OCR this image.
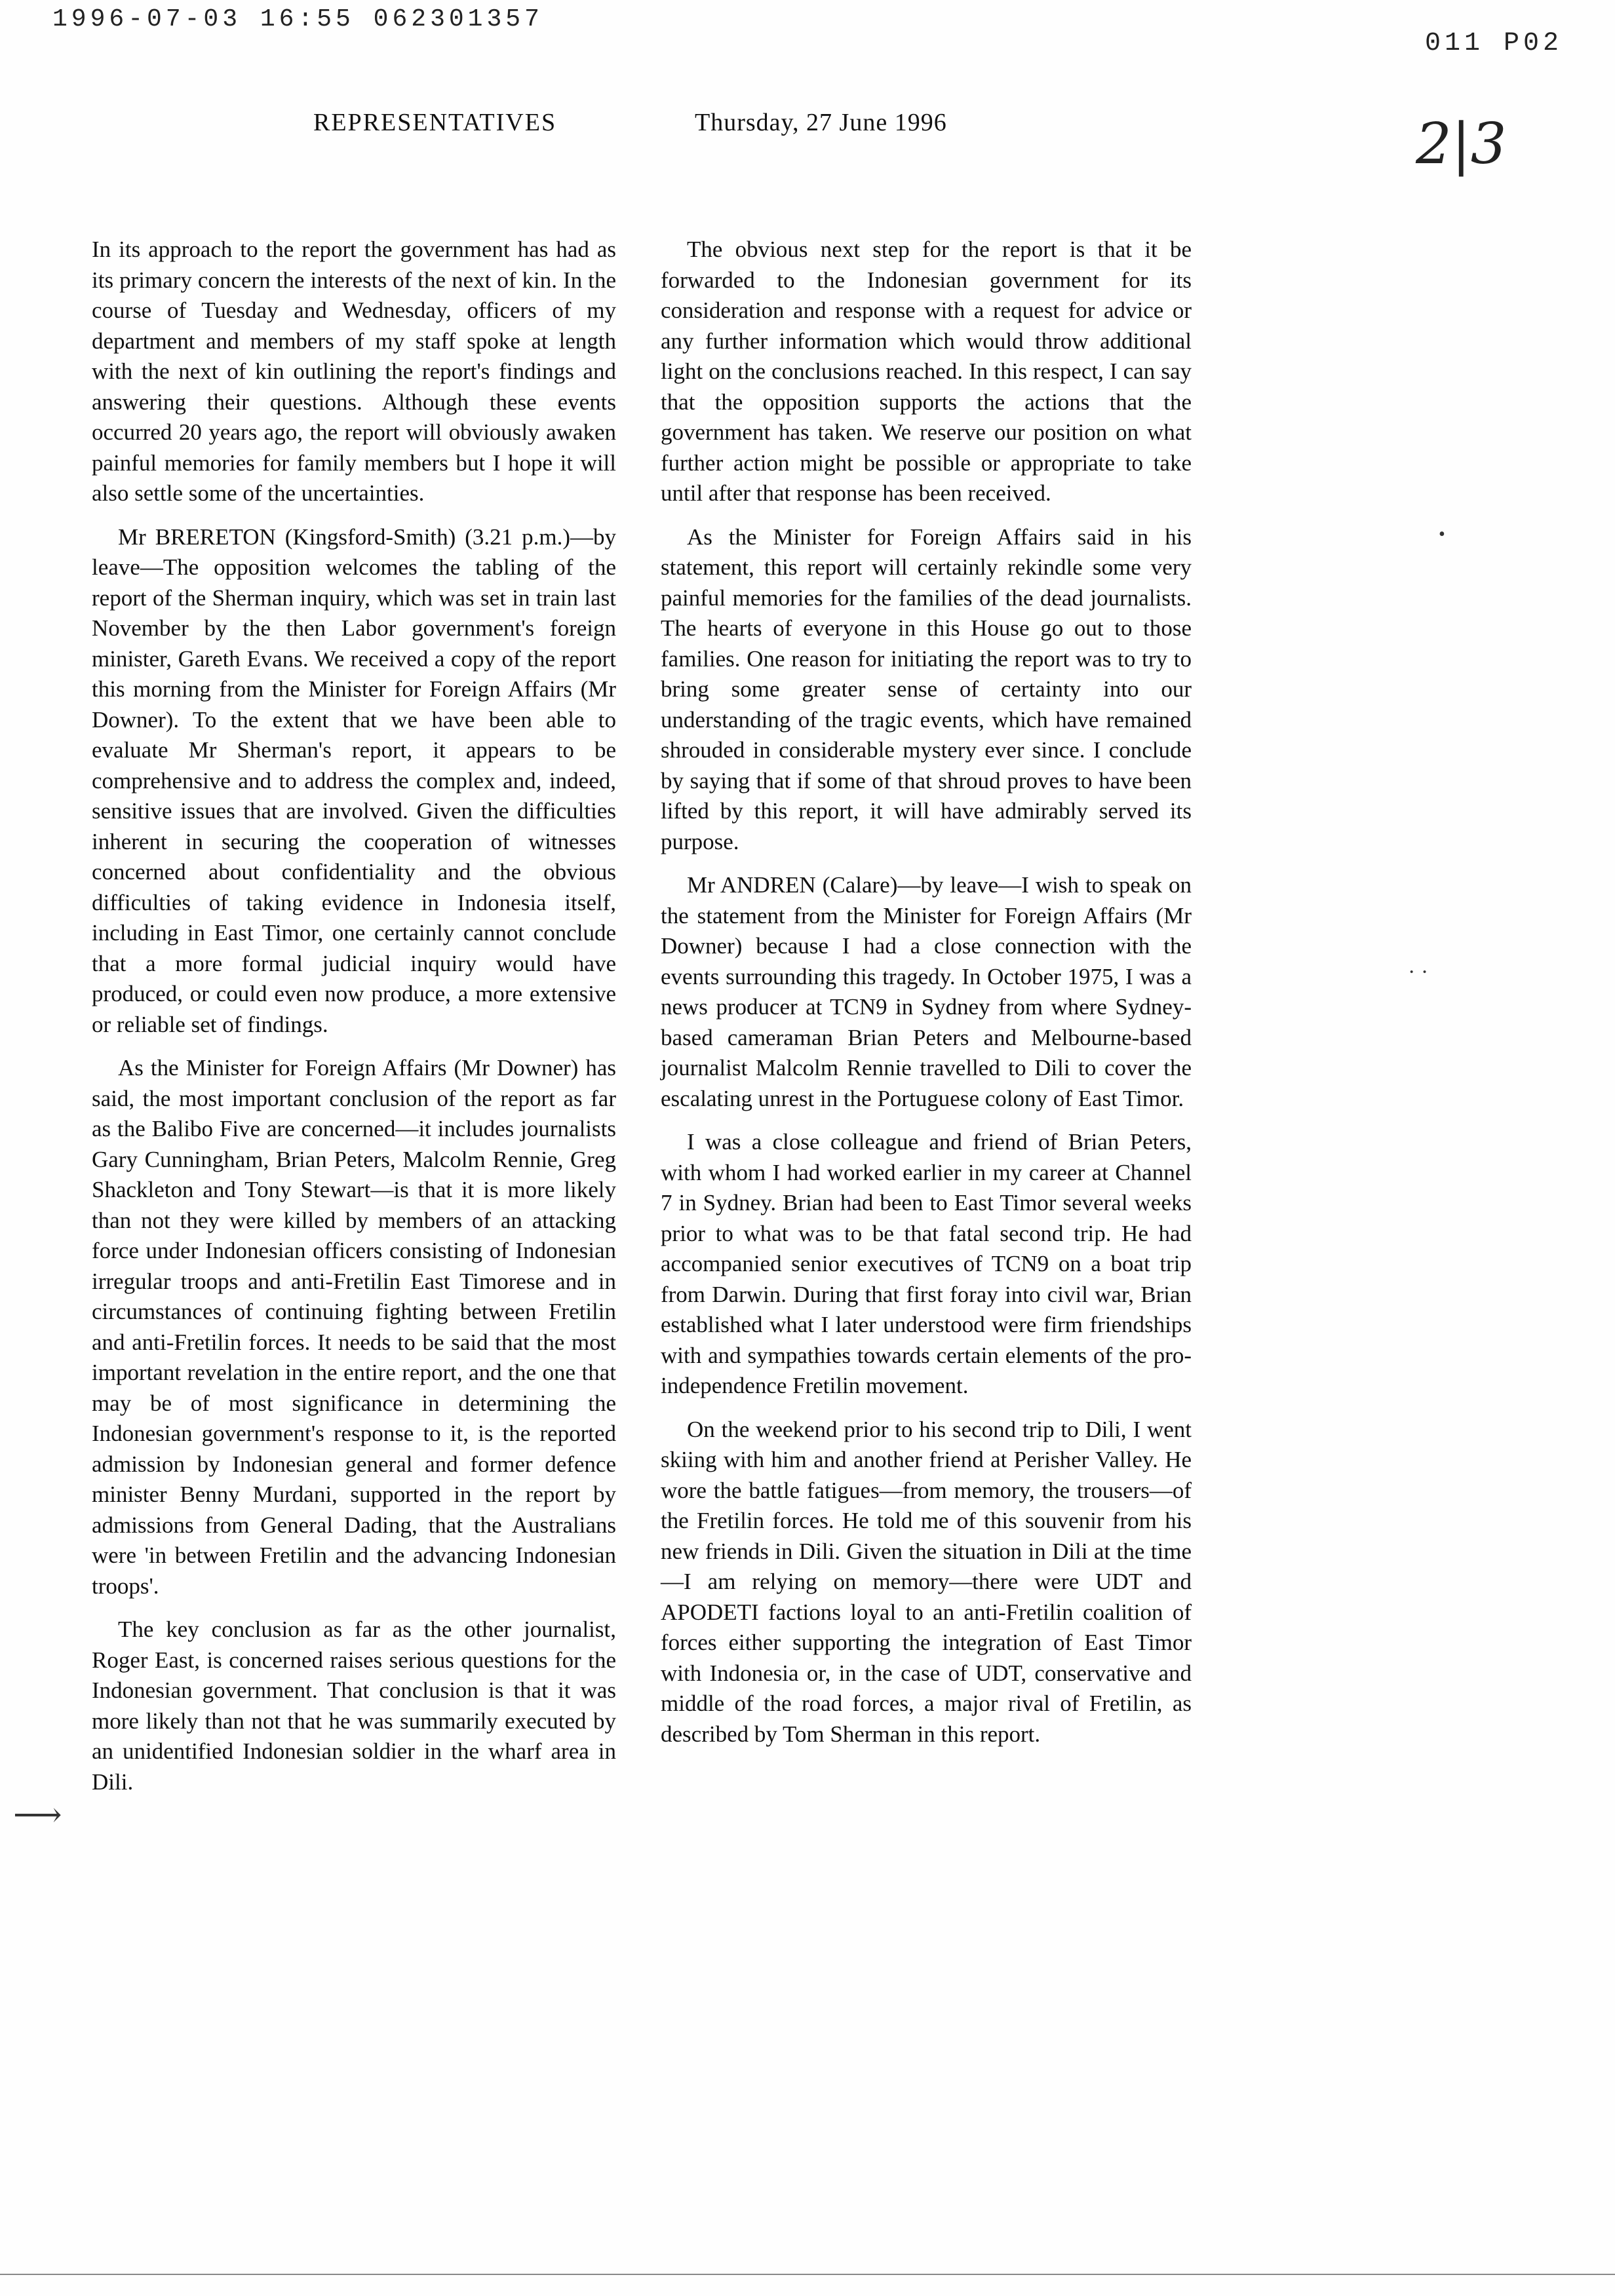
1996-07-03 16:55 062301357
011 P02
2|3
REPRESENTATIVES	Thursday, 27 June 1996

In its approach to the report the government has had as its primary concern the interests of the next of kin. In the course of Tuesday and Wednesday, officers of my department and members of my staff spoke at length with the next of kin outlining the report's findings and answering their questions. Although these events occurred 20 years ago, the report will obviously awaken painful memories for family members but I hope it will also settle some of the uncertainties.

Mr BRERETON (Kingsford-Smith) (3.21 p.m.)—by leave—The opposition welcomes the tabling of the report of the Sherman inquiry, which was set in train last November by the then Labor government's foreign minister, Gareth Evans. We received a copy of the report this morning from the Minister for Foreign Affairs (Mr Downer). To the extent that we have been able to evaluate Mr Sherman's report, it appears to be comprehensive and to address the complex and, indeed, sensitive issues that are involved. Given the difficulties inherent in securing the cooperation of witnesses concerned about confidentiality and the obvious difficulties of taking evidence in Indonesia itself, including in East Timor, one certainly cannot conclude that a more formal judicial inquiry would have produced, or could even now produce, a more extensive or reliable set of findings.

As the Minister for Foreign Affairs (Mr Downer) has said, the most important conclusion of the report as far as the Balibo Five are concerned—it includes journalists Gary Cunningham, Brian Peters, Malcolm Rennie, Greg Shackleton and Tony Stewart—is that it is more likely than not they were killed by members of an attacking force under Indonesian officers consisting of Indonesian irregular troops and anti-Fretilin East Timorese and in circumstances of continuing fighting between Fretilin and anti-Fretilin forces. It needs to be said that the most important revelation in the entire report, and the one that may be of most significance in determining the Indonesian government's response to it, is the reported admission by Indonesian general and former defence minister Benny Murdani, supported in the report by admissions from General Dading, that the Australians were 'in between Fretilin and the advancing Indonesian troops'.

The key conclusion as far as the other journalist, Roger East, is concerned raises serious questions for the Indonesian government. That conclusion is that it was more likely than not that he was summarily executed by an unidentified Indonesian soldier in the wharf area in Dili.

The obvious next step for the report is that it be forwarded to the Indonesian government for its consideration and response with a request for advice or any further information which would throw additional light on the conclusions reached. In this respect, I can say that the opposition supports the actions that the government has taken. We reserve our position on what further action might be possible or appropriate to take until after that response has been received.

As the Minister for Foreign Affairs said in his statement, this report will certainly rekindle some very painful memories for the families of the dead journalists. The hearts of everyone in this House go out to those families. One reason for initiating the report was to try to bring some greater sense of certainty into our understanding of the tragic events, which have remained shrouded in considerable mystery ever since. I conclude by saying that if some of that shroud proves to have been lifted by this report, it will have admirably served its purpose.

Mr ANDREN (Calare)—by leave—I wish to speak on the statement from the Minister for Foreign Affairs (Mr Downer) because I had a close connection with the events surrounding this tragedy. In October 1975, I was a news producer at TCN9 in Sydney from where Sydney-based cameraman Brian Peters and Melbourne-based journalist Malcolm Rennie travelled to Dili to cover the escalating unrest in the Portuguese colony of East Timor.

I was a close colleague and friend of Brian Peters, with whom I had worked earlier in my career at Channel 7 in Sydney. Brian had been to East Timor several weeks prior to what was to be that fatal second trip. He had accompanied senior executives of TCN9 on a boat trip from Darwin. During that first foray into civil war, Brian established what I later understood were firm friendships with and sympathies towards certain elements of the pro-independence Fretilin movement.

On the weekend prior to his second trip to Dili, I went skiing with him and another friend at Perisher Valley. He wore the battle fatigues—from memory, the trousers—of the Fretilin forces. He told me of this souvenir from his new friends in Dili. Given the situation in Dili at the time—I am relying on memory—there were UDT and APODETI factions loyal to an anti-Fretilin coalition of forces either supporting the integration of East Timor with Indonesia or, in the case of UDT, conservative and middle of the road forces, a major rival of Fretilin, as described by Tom Sherman in this report.

⟶
•
· ·
